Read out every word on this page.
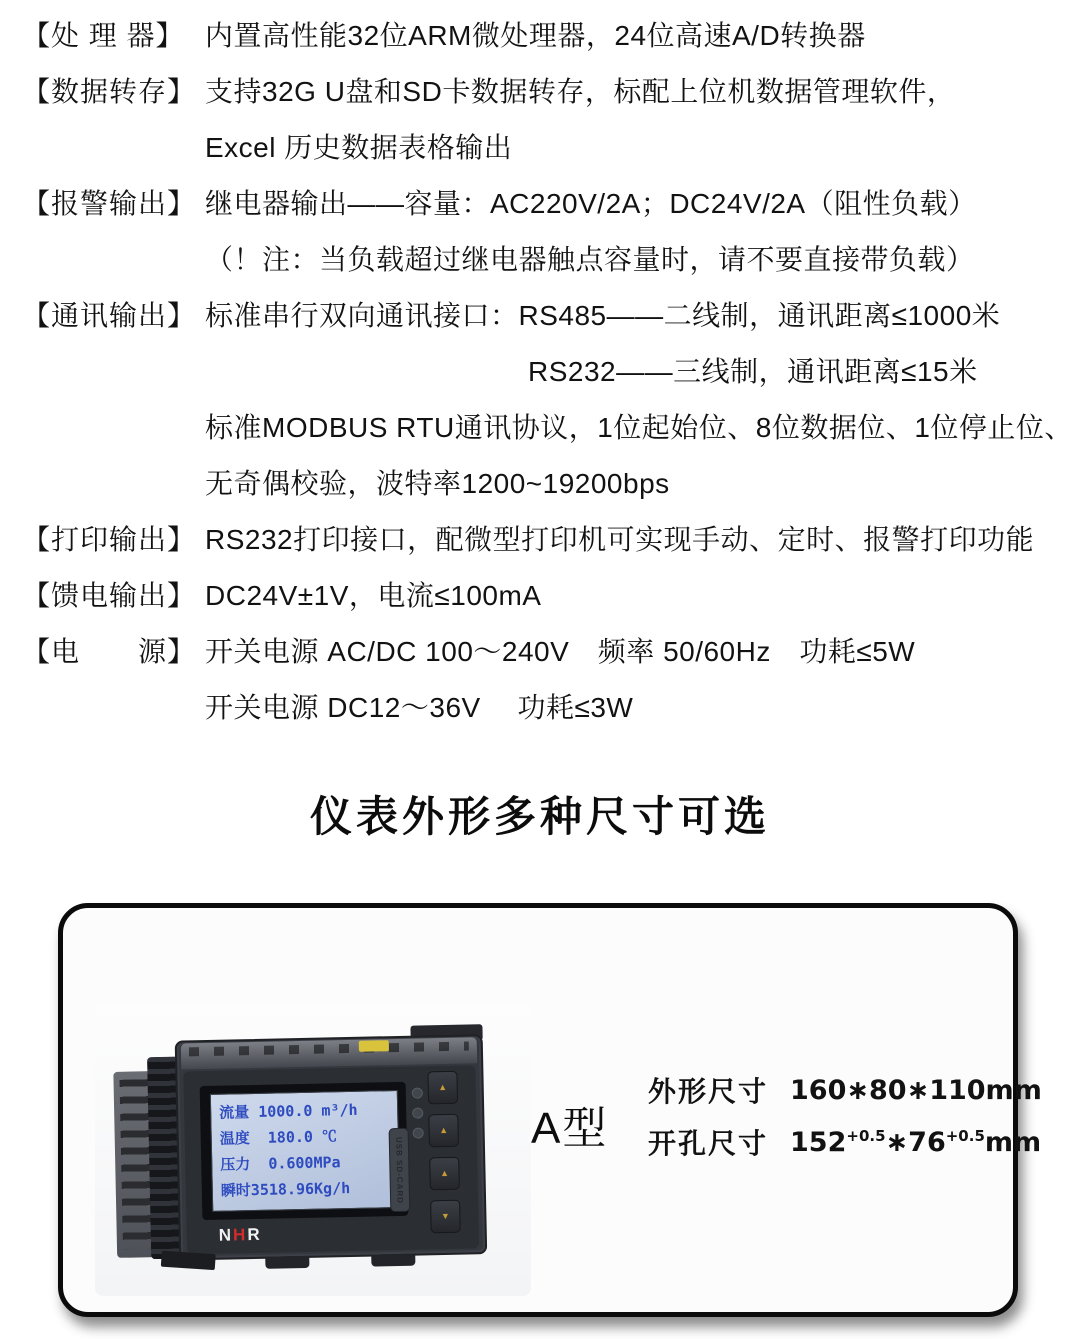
【处 理 器】 内置高性能32位ARM微处理器，24位高速A/D转换器
【数据转存】 支持32G U盘和SD卡数据转存，标配上位机数据管理软件，
Excel 历史数据表格输出
【报警输出】 继电器输出——容量：AC220V/2A；DC24V/2A（阻性负载）
（！注：当负载超过继电器触点容量时，请不要直接带负载）
【通讯输出】 标准串行双向通讯接口：RS485——二线制，通讯距离≤1000米
RS232——三线制，通讯距离≤15米
标准MODBUS RTU通讯协议，1位起始位、8位数据位、1位停止位、
无奇偶校验，波特率1200~19200bps
【打印输出】 RS232打印接口，配微型打印机可实现手动、定时、报警打印功能
【馈电输出】 DC24V±1V，电流≤100mA
【电　　源】 开关电源 AC/DC 100～240V　频率 50/60Hz　功耗≤5W
开关电源 DC12～36V　 功耗≤3W
仪表外形多种尺寸可选
流量 1000.0 m³/h
温度  180.0 ℃
压力  0.600MPa
瞬时3518.96Kg/h
NHR
USB SD-CARD
▲
▲
▲
▼
A型
外形尺寸 160∗80∗110mm
开孔尺寸 $152^{+0.5}∗76^{+0.5}mm$
